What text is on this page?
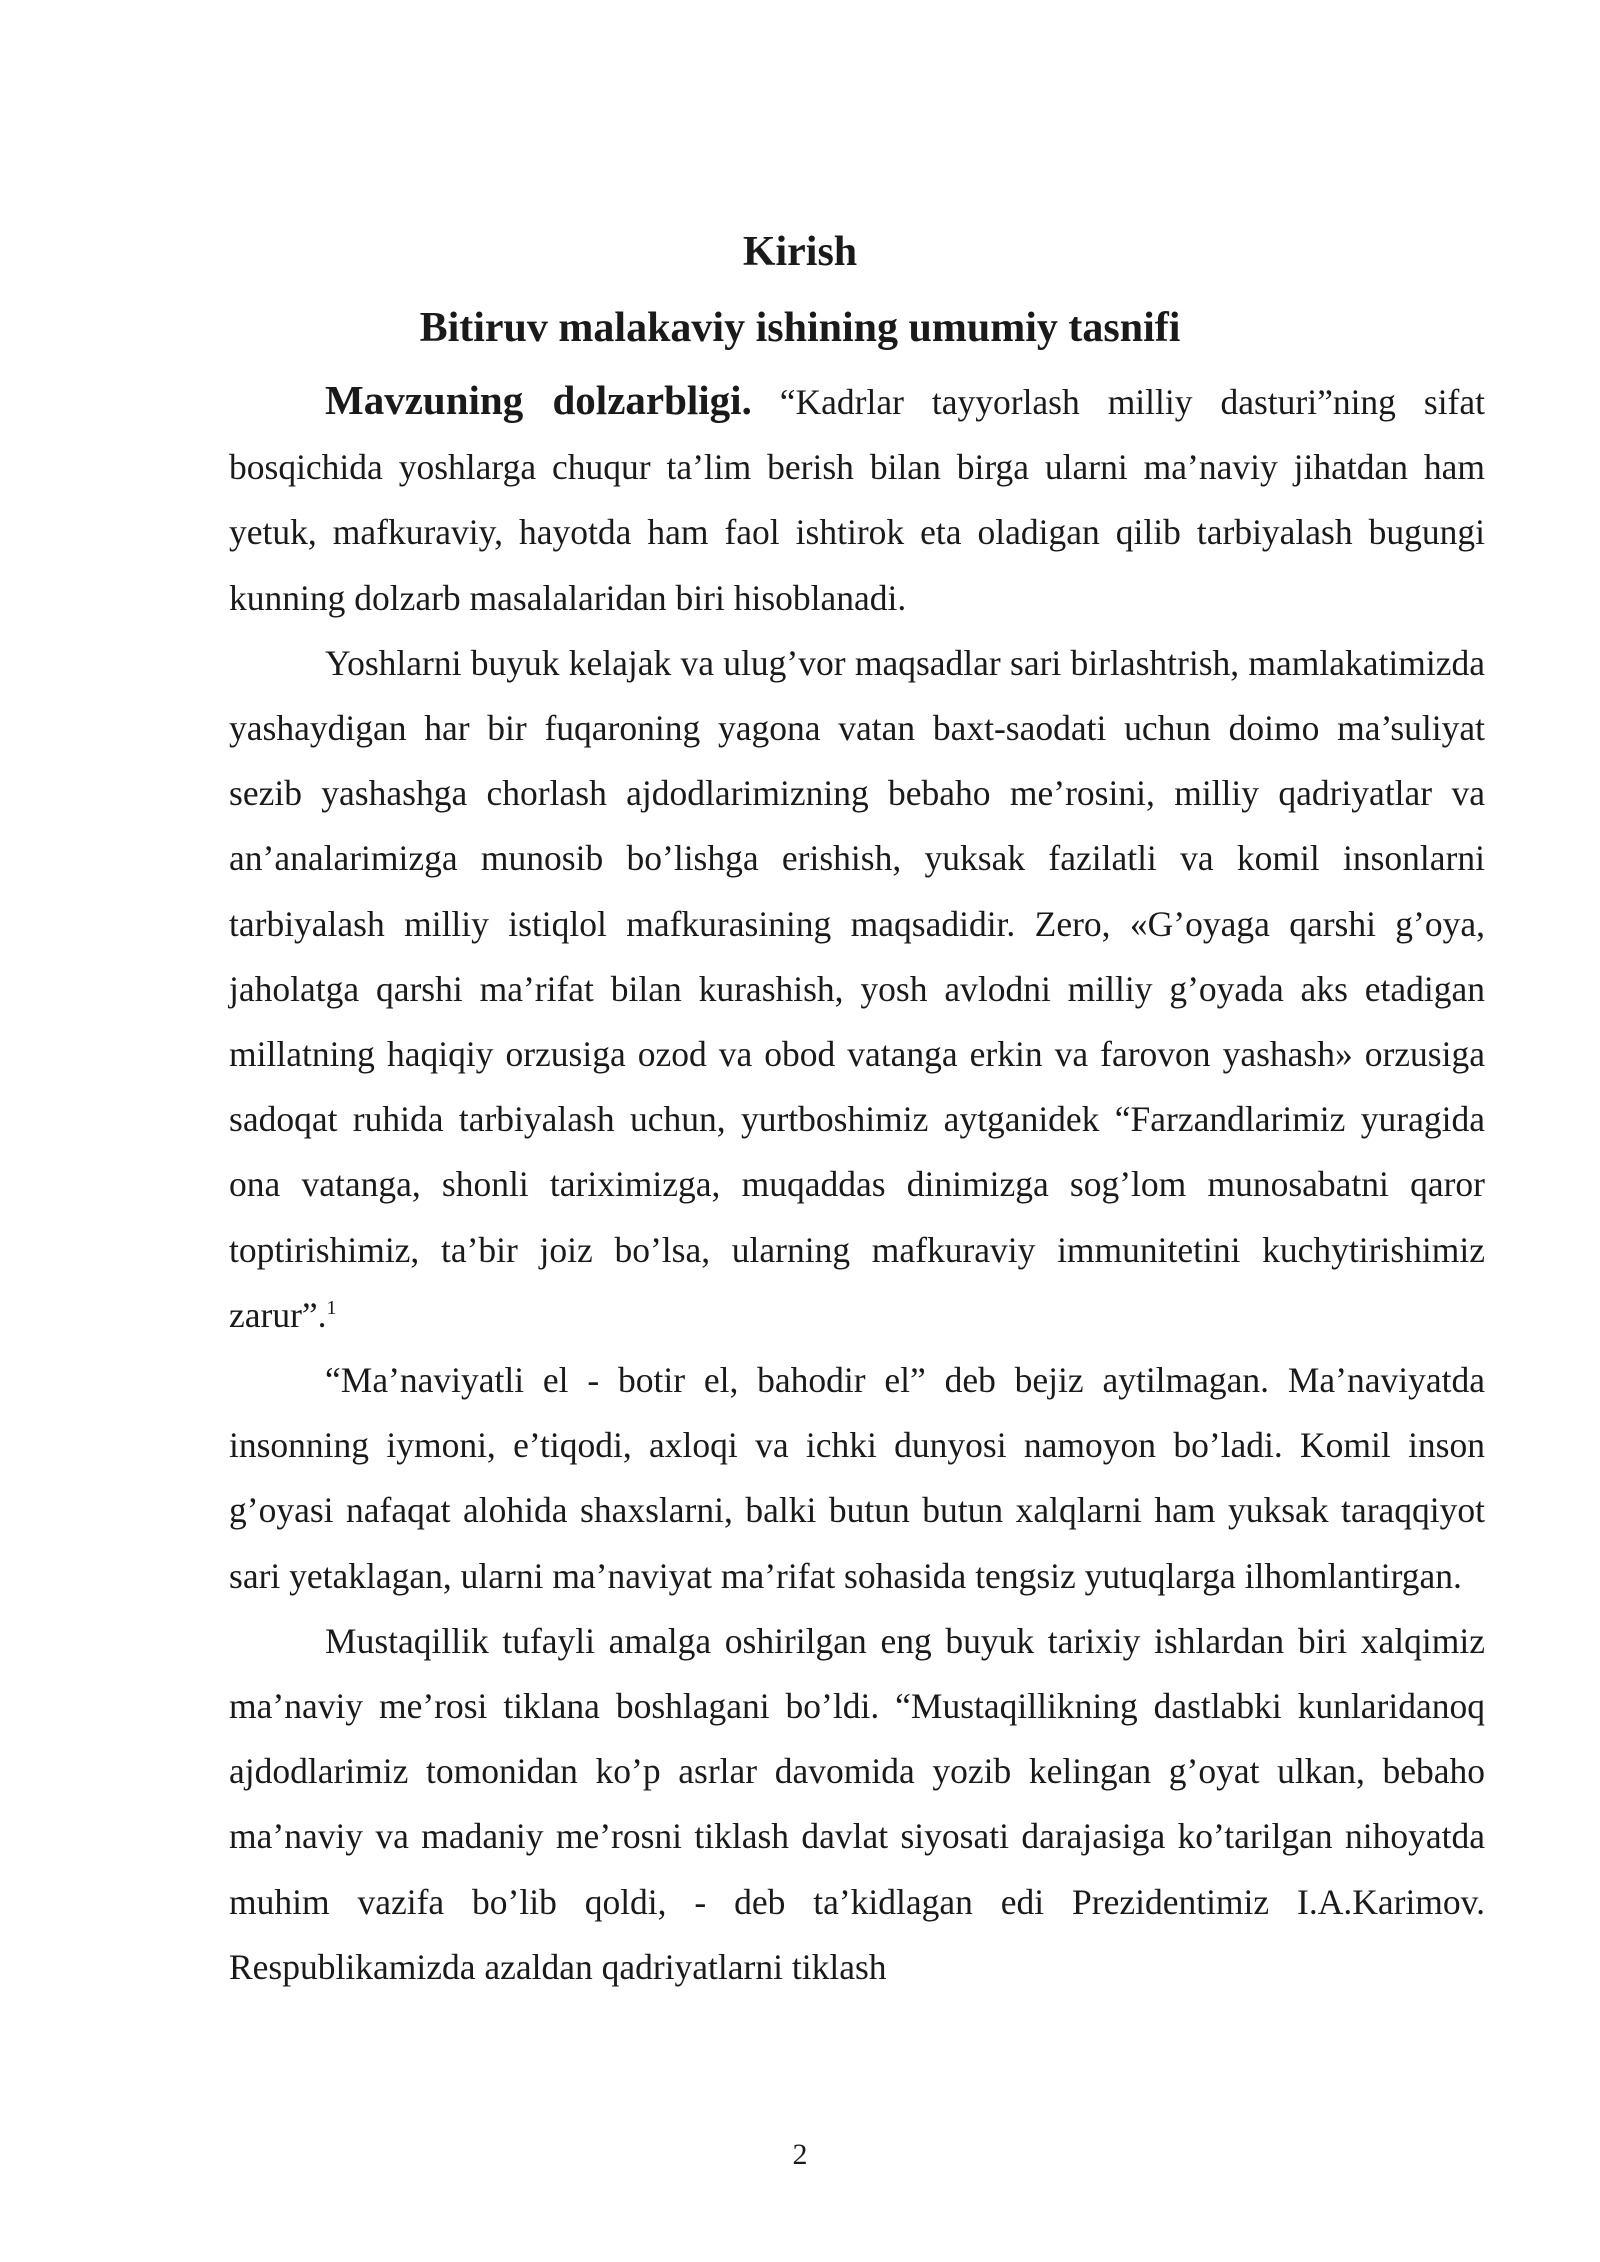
Kirish
Bitiruv malakaviy ishining umumiy tasnifi

Mavzuning dolzarbligi. “Kadrlar tayyorlash milliy dasturi”ning sifat bosqichida yoshlarga chuqur ta’lim berish bilan birga ularni ma’naviy jihatdan ham yetuk, mafkuraviy, hayotda ham faol ishtirok eta oladigan qilib tarbiyalash bugungi kunning dolzarb masalalaridan biri hisoblanadi.

Yoshlarni buyuk kelajak va ulug’vor maqsadlar sari birlashtrish, mamlakatimizda yashaydigan har bir fuqaroning yagona vatan baxt-saodati uchun doimo ma’suliyat sezib yashashga chorlash ajdodlarimizning bebaho me’rosini, milliy qadriyatlar va an’analarimizga munosib bo’lishga erishish, yuksak fazilatli va komil insonlarni tarbiyalash milliy istiqlol mafkurasining maqsadidir. Zero, «G’oyaga qarshi g’oya, jaholatga qarshi ma’rifat bilan kurashish, yosh avlodni milliy g’oyada aks etadigan millatning haqiqiy orzusiga ozod va obod vatanga erkin va farovon yashash» orzusiga sadoqat ruhida tarbiyalash uchun, yurtboshimiz aytganidek “Farzandlarimiz yuragida ona vatanga, shonli tariximizga, muqaddas dinimizga sog’lom munosabatni qaror toptirishimiz, ta’bir joiz bo’lsa, ularning mafkuraviy immunitetini kuchytirishimiz zarur”.$^1$

“Ma’naviyatli el - botir el, bahodir el” deb bejiz aytilmagan. Ma’naviyatda insonning iymoni, e’tiqodi, axloqi va ichki dunyosi namoyon bo’ladi. Komil inson g’oyasi nafaqat alohida shaxslarni, balki butun butun xalqlarni ham yuksak taraqqiyot sari yetaklagan, ularni ma’naviyat ma’rifat sohasida tengsiz yutuqlarga ilhomlantirgan.

Mustaqillik tufayli amalga oshirilgan eng buyuk tarixiy ishlardan biri xalqimiz ma’naviy me’rosi tiklana boshlagani bo’ldi. “Mustaqillikning dastlabki kunlaridanoq ajdodlarimiz tomonidan ko’p asrlar davomida yozib kelingan g’oyat ulkan, bebaho ma’naviy va madaniy me’rosni tiklash davlat siyosati darajasiga ko’tarilgan nihoyatda muhim vazifa bo’lib qoldi, - deb ta’kidlagan edi Prezidentimiz I.A.Karimov. Respublikamizda azaldan qadriyatlarni tiklash

2
